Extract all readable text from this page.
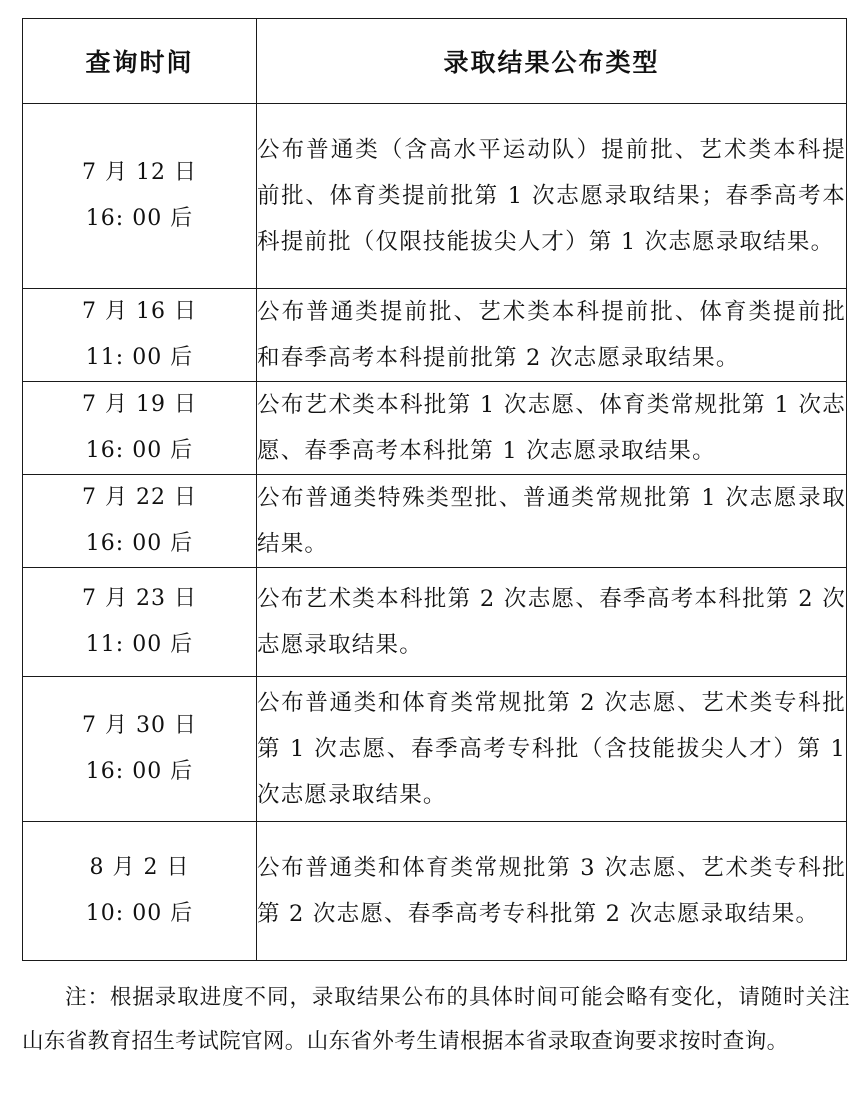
查询时间	录取结果公布类型

7 月 12 日
16: 00 后	公布普通类（含高水平运动队）提前批、艺术类本科提前批、体育类提前批第 1 次志愿录取结果；春季高考本科提前批（仅限技能拔尖人才）第 1 次志愿录取结果。

7 月 16 日
11: 00 后	公布普通类提前批、艺术类本科提前批、体育类提前批和春季高考本科提前批第 2 次志愿录取结果。

7 月 19 日
16: 00 后	公布艺术类本科批第 1 次志愿、体育类常规批第 1 次志愿、春季高考本科批第 1 次志愿录取结果。

7 月 22 日
16: 00 后	公布普通类特殊类型批、普通类常规批第 1 次志愿录取结果。

7 月 23 日
11: 00 后	公布艺术类本科批第 2 次志愿、春季高考本科批第 2 次志愿录取结果。

7 月 30 日
16: 00 后	公布普通类和体育类常规批第 2 次志愿、艺术类专科批第 1 次志愿、春季高考专科批（含技能拔尖人才）第 1 次志愿录取结果。

8 月 2 日
10: 00 后	公布普通类和体育类常规批第 3 次志愿、艺术类专科批第 2 次志愿、春季高考专科批第 2 次志愿录取结果。

注：根据录取进度不同，录取结果公布的具体时间可能会略有变化，请随时关注山东省教育招生考试院官网。山东省外考生请根据本省录取查询要求按时查询。
